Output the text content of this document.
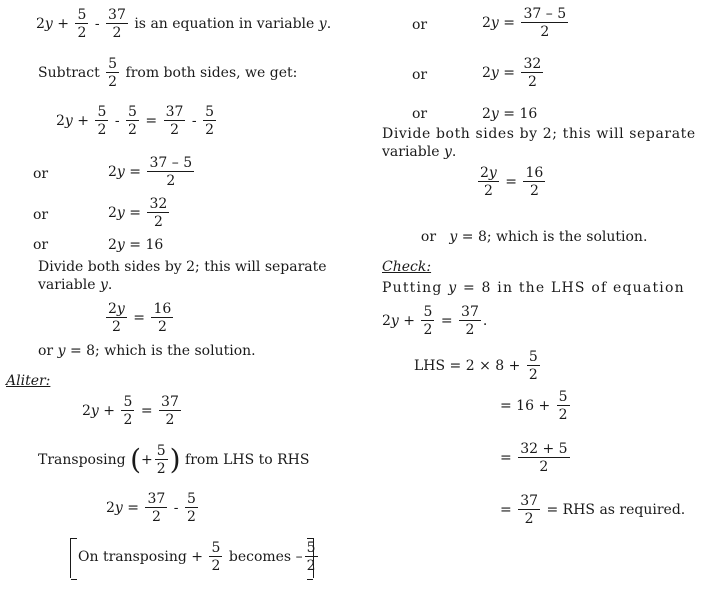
$2y + \frac{5}{2} - \frac{37}{2}$ is an equation in variable y.
Subtract $\frac{5}{2}$ from both sides, we get:
$2y + \frac{5}{2} - \frac{5}{2} = \frac{37}{2} - \frac{5}{2}$
or	$2y = \frac{37 - 5}{2}$
or	$2y = \frac{32}{2}$
or	2y = 16
Divide both sides by 2; this will separate
variable y.
$\frac{2y}{2} = \frac{16}{2}$
or y = 8; which is the solution.
Aliter:
$2y + \frac{5}{2} = \frac{37}{2}$
Transposing (+ $\frac{5}{2}$ ) from LHS to RHS
$2y = \frac{37}{2} - \frac{5}{2}$
On transposing + $\frac{5}{2}$ becomes – $\frac{5}{2}$
or	$2y = \frac{37 - 5}{2}$
or	$2y = \frac{32}{2}$
or	2y = 16
Divide both sides by 2; this will separate
variable y.
$\frac{2y}{2} = \frac{16}{2}$

or   y = 8; which is the solution.

Check:
Putting y = 8 in the LHS of equation
$2y + \frac{5}{2} = \frac{37}{2}$ .
LHS = $2 \times 8 + \frac{5}{2}$
= $16 + \frac{5}{2}$
= $\frac{32 + 5}{2}$
= $\frac{37}{2}$ = RHS as required.
